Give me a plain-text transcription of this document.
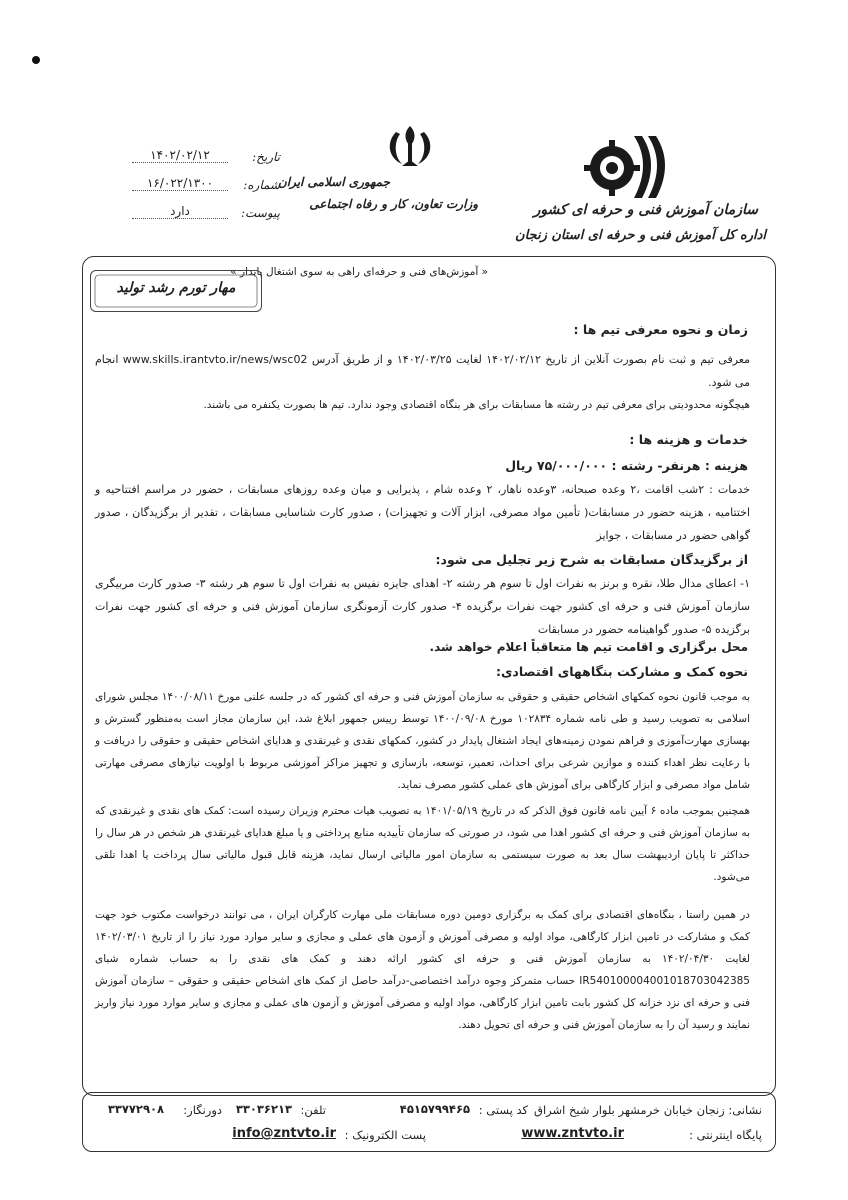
سازمان آموزش فنی و حرفه ای کشور
اداره کل آموزش فنی و حرفه ای استان زنجان
جمهوری اسلامی ایران
وزارت تعاون، کار و رفاه اجتماعی
تاریخ:
۱۴۰۲/۰۲/۱۲
شماره:
۱۶/۰۲۲/۱۳۰۰
پیوست:
دارد
« آموزش‌های فنی و حرفه‌ای راهی به سوی اشتغال پایدار »
مهار تورم رشد تولید
زمان و نحوه معرفی تیم ها :
معرفی تیم و ثبت نام بصورت آنلاین از تاریخ ۱۴۰۲/۰۲/۱۲ لغایت ۱۴۰۲/۰۳/۲۵ و از طریق آدرس www.skills.irantvto.ir/news/wsc02 انجام می شود.
هیچگونه محدودیتی برای معرفی تیم در رشته ها مسابقات برای هر بنگاه اقتصادی وجود ندارد. تیم ها بصورت یکنفره می باشند.
خدمات و هزینه ها :
هزینه : هرنفر- رشته : ۷۵/۰۰۰/۰۰۰ ریال
خدمات : ۲شب اقامت ،۲ وعده صبحانه، ۳وعده ناهار، ۲ وعده شام ، پذیرایی و میان وعده روزهای مسابقات ، حضور در مراسم افتتاحیه و اختتامیه ، هزینه حضور در مسابقات( تأمین مواد مصرفی، ابزار آلات و تجهیزات) ، صدور کارت شناسایی مسابقات ، تقدیر از برگزیدگان ، صدور گواهی حضور در مسابقات ، جوایز
از برگزیدگان مسابقات به شرح زیر تجلیل می شود:
۱- اعطای مدال طلا، نقره و برنز به نفرات اول تا سوم هر رشته ۲- اهدای جایزه نفیس به نفرات اول تا سوم هر رشته ۳- صدور کارت مربیگری سازمان آموزش فنی و حرفه ای کشور جهت نفرات برگزیده ۴- صدور کارت آزمونگری سازمان آموزش فنی و حرفه ای کشور جهت نفرات برگزیده ۵- صدور گواهینامه حضور در مسابقات
محل برگزاری و اقامت تیم ها متعاقباً اعلام خواهد شد.
نحوه کمک و مشارکت بنگاههای اقتصادی:
به موجب قانون نحوه کمکهای اشخاص حقیقی و حقوقی به سازمان آموزش فنی و حرفه ای کشور که در جلسه علنی مورخ ۱۴۰۰/۰۸/۱۱ مجلس شورای اسلامی به تصویب رسید و طی نامه شماره ۱۰۲۸۳۴ مورخ ۱۴۰۰/۰۹/۰۸ توسط رییس جمهور ابلاغ شد، این سازمان مجاز است به‌منظور گسترش و بهسازی مهارت‌آموزی و فراهم نمودن زمینه‌های ایجاد اشتغال پایدار در کشور، کمکهای نقدی و غیرنقدی و هدایای اشخاص حقیقی و حقوقی را دریافت و با رعایت نظر اهداء کننده و موازین شرعی برای احداث، تعمیر، توسعه، بازسازی و تجهیز مراکز آموزشی مربوط با اولویت نیازهای مصرفی مهارتی شامل مواد مصرفی و ابزار کارگاهی برای آموزش های عملی کشور مصرف نماید.
همچنین بموجب ماده ۶ آیین نامه قانون فوق الذکر که در تاریخ ۱۴۰۱/۰۵/۱۹ به تصویب هیات محترم وزیران رسیده است: کمک های نقدی و غیرنقدی که به سازمان آموزش فنی و حرفه ای کشور اهدا می شود، در صورتی که سازمان تأییدیه منابع پرداختی و یا مبلغ هدایای غیرنقدی هر شخص در هر سال را حداکثر تا پایان اردیبهشت سال بعد به صورت سیستمی به سازمان امور مالیاتی ارسال نماید، هزینه قابل قبول مالیاتی سال پرداخت یا اهدا تلقی می‌شود.
در همین راستا ، بنگاه‌های اقتصادی برای کمک به برگزاری دومین دوره مسابقات ملی مهارت کارگران ایران ، می توانند درخواست مکتوب خود جهت کمک و مشارکت در تامین ابزار کارگاهی، مواد اولیه و مصرفی آموزش و آزمون های عملی و مجازی و سایر موارد مورد نیاز را از تاریخ ۱۴۰۲/۰۳/۰۱ لغایت ۱۴۰۲/۰۴/۳۰ به سازمان آموزش فنی و حرفه ای کشور ارائه دهند و کمک های نقدی را به حساب شماره شبای IR540100004001018703042385 حساب متمرکز وجوه درآمد اختصاصی-درآمد حاصل از کمک های اشخاص حقیقی و حقوقی – سازمان آموزش فنی و حرفه ای نزد خزانه کل کشور بابت تامین ابزار کارگاهی، مواد اولیه و مصرفی آموزش و آزمون های عملی و مجازی و سایر موارد مورد نیاز واریز نمایند و رسید آن را به سازمان آموزش فنی و حرفه ای تحویل دهند.
نشانی: زنجان خیابان خرمشهر بلوار شیخ اشراق
کد پستی :
۴۵۱۵۷۹۹۴۶۵
تلفن:
۳۳۰۳۶۲۱۳
دورنگار:
۳۳۷۷۲۹۰۸
پایگاه اینترنتی :
www.zntvto.ir
پست الکترونیک :
info@zntvto.ir
